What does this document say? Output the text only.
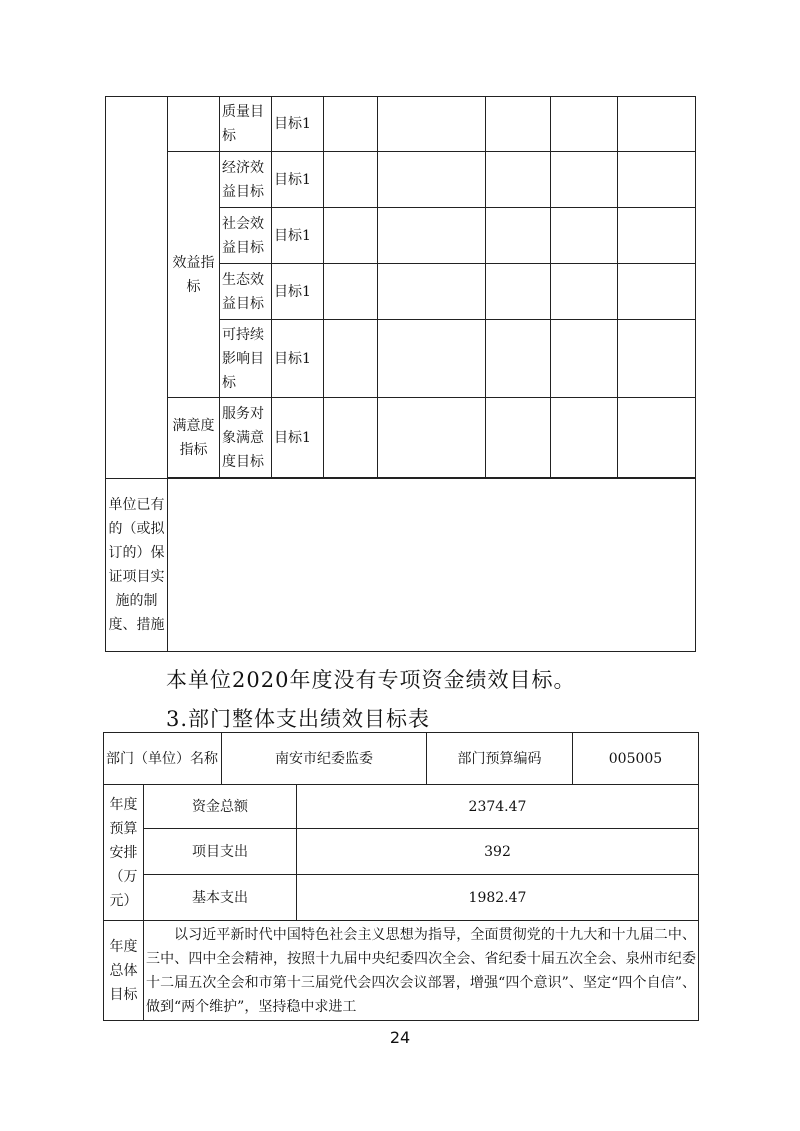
		质量目标	目标1					
	效益指标	经济效益目标	目标1					
		社会效益目标	目标1					
		生态效益目标	目标1					
		可持续影响目标	目标1					
	满意度指标	服务对象满意度目标	目标1					

单位已有的（或拟订的）保证项目实施的制度、措施								
本单位2020年度没有专项资金绩效目标。
3.部门整体支出绩效目标表
部门（单位）名称		南安市纪委监委		部门预算编码	005005
年度预算安排（万元）	资金总额		2374.47		
	项目支出		392		
	基本支出		1982.47		
年度总体目标	以习近平新时代中国特色社会主义思想为指导，全面贯彻党的十九大和十九届二中、三中、四中全会精神，按照十九届中央纪委四次全会、省纪委十届五次全会、泉州市纪委十二届五次全会和市第十三届党代会四次会议部署，增强“四个意识”、坚定“四个自信”、做到“两个维护”，坚持稳中求进工				
24
